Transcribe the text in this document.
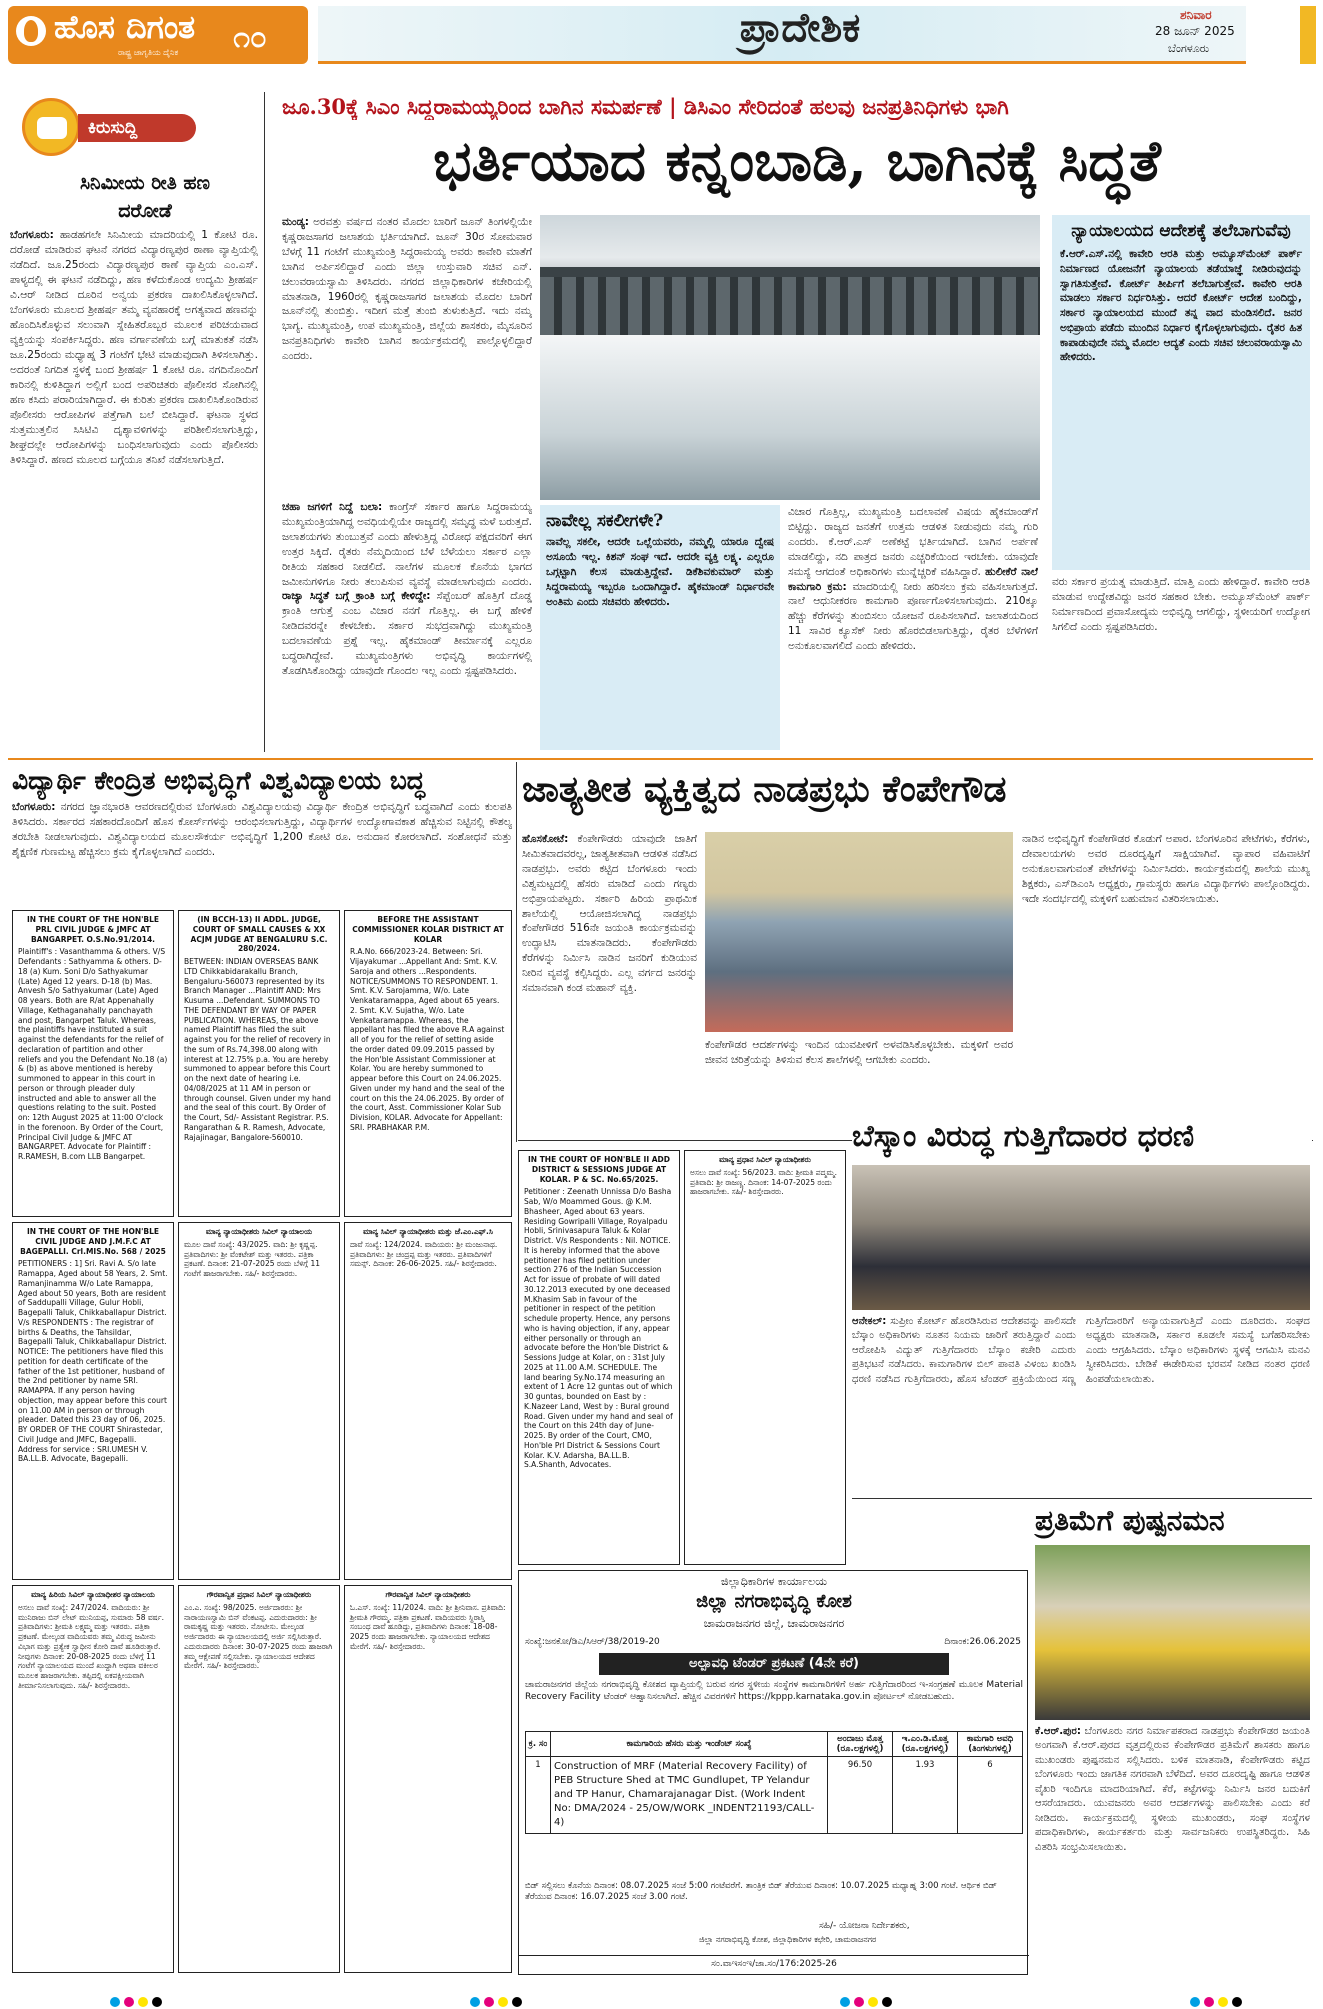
ಹೊಸ ದಿಗಂತ
ರಾಷ್ಟ್ರ ಜಾಗೃತಿಯ ದೈನಿಕ	೧೦	ಪ್ರಾದೇಶಿಕ	ಶನಿವಾರ
28 ಜೂನ್ 2025
ಬೆಂಗಳೂರು
ಕಿರುಸುದ್ದಿ
ಸಿನಿಮೀಯ ರೀತಿ ಹಣ ದರೋಡೆ
ಬೆಂಗಳೂರು: ಹಾಡಹಗಲೇ ಸಿನಿಮೀಯ ಮಾದರಿಯಲ್ಲಿ 1 ಕೋಟಿ ರೂ. ದರೋಡೆ ಮಾಡಿರುವ ಘಟನೆ ನಗರದ ವಿದ್ಯಾರಣ್ಯಪುರ ಠಾಣಾ ವ್ಯಾಪ್ತಿಯಲ್ಲಿ ನಡೆದಿದೆ. ಜೂ.25ರಂದು ವಿದ್ಯಾರಣ್ಯಪುರ ಠಾಣೆ ವ್ಯಾಪ್ತಿಯ ಎಂ.ಎಸ್. ಪಾಳ್ಯದಲ್ಲಿ ಈ ಘಟನೆ ನಡೆದಿದ್ದು, ಹಣ ಕಳೆದುಕೊಂಡ ಉದ್ಯಮಿ ಶ್ರೀಹರ್ಷ ವಿ.ಆರ್ ನೀಡಿದ ದೂರಿನ ಅನ್ವಯ ಪ್ರಕರಣ ದಾಖಲಿಸಿಕೊಳ್ಳಲಾಗಿದೆ. ಬೆಂಗಳೂರು ಮೂಲದ ಶ್ರೀಹರ್ಷ ತಮ್ಮ ವ್ಯವಹಾರಕ್ಕೆ ಅಗತ್ಯವಾದ ಹಣವನ್ನು ಹೊಂದಿಸಿಕೊಳ್ಳುವ ಸಲುವಾಗಿ ಸ್ನೇಹಿತರೊಬ್ಬರ ಮೂಲಕ ಪರಿಚಯವಾದ ವ್ಯಕ್ತಿಯನ್ನು ಸಂಪರ್ಕಿಸಿದ್ದರು. ಹಣ ವರ್ಗಾವಣೆಯ ಬಗ್ಗೆ ಮಾತುಕತೆ ನಡೆಸಿ ಜೂ.25ರಂದು ಮಧ್ಯಾಹ್ನ 3 ಗಂಟೆಗೆ ಭೇಟಿ ಮಾಡುವುದಾಗಿ ತಿಳಿಸಲಾಗಿತ್ತು. ಅದರಂತೆ ನಿಗದಿತ ಸ್ಥಳಕ್ಕೆ ಬಂದ ಶ್ರೀಹರ್ಷ 1 ಕೋಟಿ ರೂ. ನಗದಿನೊಂದಿಗೆ ಕಾರಿನಲ್ಲಿ ಕುಳಿತಿದ್ದಾಗ ಅಲ್ಲಿಗೆ ಬಂದ ಅಪರಿಚಿತರು ಪೊಲೀಸರ ಸೋಗಿನಲ್ಲಿ ಹಣ ಕಸಿದು ಪರಾರಿಯಾಗಿದ್ದಾರೆ. ಈ ಕುರಿತು ಪ್ರಕರಣ ದಾಖಲಿಸಿಕೊಂಡಿರುವ ಪೊಲೀಸರು ಆರೋಪಿಗಳ ಪತ್ತೆಗಾಗಿ ಬಲೆ ಬೀಸಿದ್ದಾರೆ. ಘಟನಾ ಸ್ಥಳದ ಸುತ್ತಮುತ್ತಲಿನ ಸಿಸಿಟಿವಿ ದೃಶ್ಯಾವಳಿಗಳನ್ನು ಪರಿಶೀಲಿಸಲಾಗುತ್ತಿದ್ದು, ಶೀಘ್ರದಲ್ಲೇ ಆರೋಪಿಗಳನ್ನು ಬಂಧಿಸಲಾಗುವುದು ಎಂದು ಪೊಲೀಸರು ತಿಳಿಸಿದ್ದಾರೆ. ಹಣದ ಮೂಲದ ಬಗ್ಗೆಯೂ ತನಿಖೆ ನಡೆಸಲಾಗುತ್ತಿದೆ.
ಜೂ.30ಕ್ಕೆ ಸಿಎಂ ಸಿದ್ದರಾಮಯ್ಯರಿಂದ ಬಾಗಿನ ಸಮರ್ಪಣೆ | ಡಿಸಿಎಂ ಸೇರಿದಂತೆ ಹಲವು ಜನಪ್ರತಿನಿಧಿಗಳು ಭಾಗಿ
ಭರ್ತಿಯಾದ ಕನ್ನಂಬಾಡಿ, ಬಾಗಿನಕ್ಕೆ ಸಿದ್ಧತೆ
ಮಂಡ್ಯ: ಅರವತ್ತು ವರ್ಷದ ನಂತರ ಮೊದಲ ಬಾರಿಗೆ ಜೂನ್ ತಿಂಗಳಲ್ಲಿಯೇ ಕೃಷ್ಣರಾಜಸಾಗರ ಜಲಾಶಯ ಭರ್ತಿಯಾಗಿದೆ. ಜೂನ್ 30ರ ಸೋಮವಾರ ಬೆಳಗ್ಗೆ 11 ಗಂಟೆಗೆ ಮುಖ್ಯಮಂತ್ರಿ ಸಿದ್ದರಾಮಯ್ಯ ಅವರು ಕಾವೇರಿ ಮಾತೆಗೆ ಬಾಗಿನ ಅರ್ಪಿಸಲಿದ್ದಾರೆ ಎಂದು ಜಿಲ್ಲಾ ಉಸ್ತುವಾರಿ ಸಚಿವ ಎನ್. ಚಲುವರಾಯಸ್ವಾಮಿ ತಿಳಿಸಿದರು. ನಗರದ ಜಿಲ್ಲಾಧಿಕಾರಿಗಳ ಕಚೇರಿಯಲ್ಲಿ ಮಾತನಾಡಿ, 1960ರಲ್ಲಿ ಕೃಷ್ಣರಾಜಸಾಗರ ಜಲಾಶಯ ಮೊದಲ ಬಾರಿಗೆ ಜೂನ್‌ನಲ್ಲಿ ತುಂಬಿತ್ತು. ಇದೀಗ ಮತ್ತೆ ತುಂಬಿ ತುಳುಕುತ್ತಿದೆ. ಇದು ನಮ್ಮ ಭಾಗ್ಯ. ಮುಖ್ಯಮಂತ್ರಿ, ಉಪ ಮುಖ್ಯಮಂತ್ರಿ, ಜಿಲ್ಲೆಯ ಶಾಸಕರು, ಮೈಸೂರಿನ ಜನಪ್ರತಿನಿಧಿಗಳು ಕಾವೇರಿ ಬಾಗಿನ ಕಾರ್ಯಕ್ರಮದಲ್ಲಿ ಪಾಲ್ಗೊಳ್ಳಲಿದ್ದಾರೆ ಎಂದರು.
ಚಹಾ ಜಗಳಿಗೆ ನಿದ್ದೆ ಬಲಾ: ಕಾಂಗ್ರೆಸ್ ಸರ್ಕಾರ ಹಾಗೂ ಸಿದ್ದರಾಮಯ್ಯ ಮುಖ್ಯಮಂತ್ರಿಯಾಗಿದ್ದ ಅವಧಿಯಲ್ಲಿಯೇ ರಾಜ್ಯದಲ್ಲಿ ಸಮೃದ್ಧ ಮಳೆ ಬರುತ್ತದೆ. ಜಲಾಶಯಗಳು ತುಂಬುತ್ತವೆ ಎಂದು ಹೇಳುತ್ತಿದ್ದ ವಿರೋಧ ಪಕ್ಷದವರಿಗೆ ಈಗ ಉತ್ತರ ಸಿಕ್ಕಿದೆ. ರೈತರು ನೆಮ್ಮದಿಯಿಂದ ಬೆಳೆ ಬೆಳೆಯಲು ಸರ್ಕಾರ ಎಲ್ಲಾ ರೀತಿಯ ಸಹಕಾರ ನೀಡಲಿದೆ. ನಾಲೆಗಳ ಮೂಲಕ ಕೊನೆಯ ಭಾಗದ ಜಮೀನುಗಳಿಗೂ ನೀರು ತಲುಪಿಸುವ ವ್ಯವಸ್ಥೆ ಮಾಡಲಾಗುವುದು ಎಂದರು. ರಾಜ್ಯಾ ಸಿದ್ಧತೆ ಬಗ್ಗೆ ಕ್ರಾಂತಿ ಬಗ್ಗೆ ಕೇಳಿದ್ದೇ: ಸೆಪ್ಟೆಂಬರ್ ಹೊತ್ತಿಗೆ ದೊಡ್ಡ ಕ್ರಾಂತಿ ಆಗುತ್ತೆ ಎಂಬ ವಿಚಾರ ನನಗೆ ಗೊತ್ತಿಲ್ಲ. ಈ ಬಗ್ಗೆ ಹೇಳಿಕೆ ನೀಡಿದವರನ್ನೇ ಕೇಳಬೇಕು. ಸರ್ಕಾರ ಸುಭದ್ರವಾಗಿದ್ದು ಮುಖ್ಯಮಂತ್ರಿ ಬದಲಾವಣೆಯ ಪ್ರಶ್ನೆ ಇಲ್ಲ. ಹೈಕಮಾಂಡ್ ತೀರ್ಮಾನಕ್ಕೆ ಎಲ್ಲರೂ ಬದ್ಧರಾಗಿದ್ದೇವೆ. ಮುಖ್ಯಮಂತ್ರಿಗಳು ಅಭಿವೃದ್ಧಿ ಕಾರ್ಯಗಳಲ್ಲಿ ತೊಡಗಿಸಿಕೊಂಡಿದ್ದು ಯಾವುದೇ ಗೊಂದಲ ಇಲ್ಲ ಎಂದು ಸ್ಪಷ್ಟಪಡಿಸಿದರು.
ನಾವೇಲ್ಲ ಸಕಲೀಗಳೇ?
ನಾವೆಲ್ಲ ಸಕಲೀ, ಆದರೇ ಒಲ್ಲೆಯವರು, ನಮ್ಮಲ್ಲಿ ಯಾರೂ ದ್ವೇಷ ಅಸೂಯೆ ಇಲ್ಲ. ಕಿಶನ್ ಸಂಘ ಇದೆ. ಆದರೇ ವ್ಯಕ್ತಿ ಲಕ್ಷ್ಯ. ಎಲ್ಲರೂ ಒಗ್ಗಟ್ಟಾಗಿ ಕೆಲಸ ಮಾಡುತ್ತಿದ್ದೇವೆ. ಡಿಕೆಶಿವಕುಮಾರ್ ಮತ್ತು ಸಿದ್ದರಾಮಯ್ಯ ಇಬ್ಬರೂ ಒಂದಾಗಿದ್ದಾರೆ. ಹೈಕಮಾಂಡ್ ನಿರ್ಧಾರವೇ ಅಂತಿಮ ಎಂದು ಸಚಿವರು ಹೇಳಿದರು.
ವಿಚಾರ ಗೊತ್ತಿಲ್ಲ, ಮುಖ್ಯಮಂತ್ರಿ ಬದಲಾವಣೆ ವಿಷಯ ಹೈಕಮಾಂಡ್‌ಗೆ ಬಿಟ್ಟಿದ್ದು. ರಾಜ್ಯದ ಜನತೆಗೆ ಉತ್ತಮ ಆಡಳಿತ ನೀಡುವುದು ನಮ್ಮ ಗುರಿ ಎಂದರು. ಕೆ.ಆರ್.ಎಸ್ ಅಣೆಕಟ್ಟೆ ಭರ್ತಿಯಾಗಿದೆ. ಬಾಗಿನ ಅರ್ಪಣೆ ಮಾಡಲಿದ್ದು, ನದಿ ಪಾತ್ರದ ಜನರು ಎಚ್ಚರಿಕೆಯಿಂದ ಇರಬೇಕು. ಯಾವುದೇ ಸಮಸ್ಯೆ ಆಗದಂತೆ ಅಧಿಕಾರಿಗಳು ಮುನ್ನೆಚ್ಚರಿಕೆ ವಹಿಸಿದ್ದಾರೆ. ಹುಲೀಕೆರೆ ನಾಲೆ ಕಾಮಗಾರಿ ಕ್ರಮ: ಮಾದರಿಯಲ್ಲಿ ನೀರು ಹರಿಸಲು ಕ್ರಮ ವಹಿಸಲಾಗುತ್ತದೆ. ನಾಲೆ ಆಧುನೀಕರಣ ಕಾಮಗಾರಿ ಪೂರ್ಣಗೊಳಿಸಲಾಗುವುದು. 210ಕ್ಕೂ ಹೆಚ್ಚು ಕೆರೆಗಳನ್ನು ತುಂಬಿಸಲು ಯೋಜನೆ ರೂಪಿಸಲಾಗಿದೆ. ಜಲಾಶಯದಿಂದ 11 ಸಾವಿರ ಕ್ಯೂಸೆಕ್ ನೀರು ಹೊರಬಿಡಲಾಗುತ್ತಿದ್ದು, ರೈತರ ಬೆಳೆಗಳಿಗೆ ಅನುಕೂಲವಾಗಲಿದೆ ಎಂದು ಹೇಳಿದರು.
ನ್ಯಾಯಾಲಯದ ಆದೇಶಕ್ಕೆ ತಲೆಬಾಗುವೆವು
ಕೆ.ಆರ್.ಎಸ್.ನಲ್ಲಿ ಕಾವೇರಿ ಆರತಿ ಮತ್ತು ಅಮ್ಯೂಸ್‌ಮೆಂಟ್ ಪಾರ್ಕ್ ನಿರ್ಮಾಣದ ಯೋಜನೆಗೆ ನ್ಯಾಯಾಲಯ ತಡೆಯಾಜ್ಞೆ ನೀಡಿರುವುದನ್ನು ಸ್ವಾಗತಿಸುತ್ತೇವೆ. ಕೋರ್ಟ್ ತೀರ್ಪಿಗೆ ತಲೆಬಾಗುತ್ತೇವೆ. ಕಾವೇರಿ ಆರತಿ ಮಾಡಲು ಸರ್ಕಾರ ನಿರ್ಧರಿಸಿತ್ತು. ಆದರೆ ಕೋರ್ಟ್ ಆದೇಶ ಬಂದಿದ್ದು, ಸರ್ಕಾರ ನ್ಯಾಯಾಲಯದ ಮುಂದೆ ತನ್ನ ವಾದ ಮಂಡಿಸಲಿದೆ. ಜನರ ಅಭಿಪ್ರಾಯ ಪಡೆದು ಮುಂದಿನ ನಿರ್ಧಾರ ಕೈಗೊಳ್ಳಲಾಗುವುದು. ರೈತರ ಹಿತ ಕಾಪಾಡುವುದೇ ನಮ್ಮ ಮೊದಲ ಆದ್ಯತೆ ಎಂದು ಸಚಿವ ಚಲುವರಾಯಸ್ವಾಮಿ ಹೇಳಿದರು.
ವರು ಸರ್ಕಾರ ಪ್ರಯತ್ನ ಮಾಡುತ್ತಿದೆ. ಮಾತ್ತಿ ಎಂದು ಹೇಳಿದ್ದಾರೆ. ಕಾವೇರಿ ಆರತಿ ಮಾಡುವ ಉದ್ದೇಶವಿದ್ದು ಜನರ ಸಹಕಾರ ಬೇಕು. ಅಮ್ಯೂಸ್‌ಮೆಂಟ್ ಪಾರ್ಕ್ ನಿರ್ಮಾಣದಿಂದ ಪ್ರವಾಸೋದ್ಯಮ ಅಭಿವೃದ್ಧಿ ಆಗಲಿದ್ದು, ಸ್ಥಳೀಯರಿಗೆ ಉದ್ಯೋಗ ಸಿಗಲಿದೆ ಎಂದು ಸ್ಪಷ್ಟಪಡಿಸಿದರು.
ವಿದ್ಯಾರ್ಥಿ ಕೇಂದ್ರಿತ ಅಭಿವೃದ್ಧಿಗೆ ವಿಶ್ವವಿದ್ಯಾಲಯ ಬದ್ಧ
ಬೆಂಗಳೂರು: ನಗರದ ಜ್ಞಾನಭಾರತಿ ಆವರಣದಲ್ಲಿರುವ ಬೆಂಗಳೂರು ವಿಶ್ವವಿದ್ಯಾಲಯವು ವಿದ್ಯಾರ್ಥಿ ಕೇಂದ್ರಿತ ಅಭಿವೃದ್ಧಿಗೆ ಬದ್ಧವಾಗಿದೆ ಎಂದು ಕುಲಪತಿ ತಿಳಿಸಿದರು. ಸರ್ಕಾರದ ಸಹಕಾರದೊಂದಿಗೆ ಹೊಸ ಕೋರ್ಸ್‌ಗಳನ್ನು ಆರಂಭಿಸಲಾಗುತ್ತಿದ್ದು, ವಿದ್ಯಾರ್ಥಿಗಳ ಉದ್ಯೋಗಾವಕಾಶ ಹೆಚ್ಚಿಸುವ ನಿಟ್ಟಿನಲ್ಲಿ ಕೌಶಲ್ಯ ತರಬೇತಿ ನೀಡಲಾಗುವುದು. ವಿಶ್ವವಿದ್ಯಾಲಯದ ಮೂಲಸೌಕರ್ಯ ಅಭಿವೃದ್ಧಿಗೆ 1,200 ಕೋಟಿ ರೂ. ಅನುದಾನ ಕೋರಲಾಗಿದೆ. ಸಂಶೋಧನೆ ಮತ್ತು ಶೈಕ್ಷಣಿಕ ಗುಣಮಟ್ಟ ಹೆಚ್ಚಿಸಲು ಕ್ರಮ ಕೈಗೊಳ್ಳಲಾಗಿದೆ ಎಂದರು.

IN THE COURT OF THE HON'BLE PRL CIVIL JUDGE & JMFC AT BANGARPET. O.S.No.91/2014.

Plaintiff's : Vasanthamma & others. V/S Defendants : Sathyamma & others. D-18 (a) Kum. Soni D/o Sathyakumar (Late) Aged 12 years. D-18 (b) Mas. Anvesh S/o Sathyakumar (Late) Aged 08 years. Both are R/at Appenahally Village, Kethaganahally panchayath and post, Bangarpet Taluk. Whereas, the plaintiffs have instituted a suit against the defendants for the relief of declaration of partition and other reliefs and you the Defendant No.18 (a) & (b) as above mentioned is hereby summoned to appear in this court in person or through pleader duly instructed and able to answer all the questions relating to the suit. Posted on: 12th August 2025 at 11:00 O'clock in the forenoon. By Order of the Court, Principal Civil Judge & JMFC AT BANGARPET. Advocate for Plaintiff : R.RAMESH, B.com LLB Bangarpet.

(IN BCCH-13) II ADDL. JUDGE, COURT OF SMALL CAUSES & XX ACJM JUDGE AT BENGALURU S.C. 280/2024.

BETWEEN: INDIAN OVERSEAS BANK LTD Chikkabidarakallu Branch, Bengaluru-560073 represented by its Branch Manager ...Plaintiff AND: Mrs Kusuma ...Defendant. SUMMONS TO THE DEFENDANT BY WAY OF PAPER PUBLICATION. WHEREAS, the above named Plaintiff has filed the suit against you for the relief of recovery in the sum of Rs.74,398.00 along with interest at 12.75% p.a. You are hereby summoned to appear before this Court on the next date of hearing i.e. 04/08/2025 at 11 AM in person or through counsel. Given under my hand and the seal of this court. By Order of the Court, Sd/- Assistant Registrar. P.S. Rangarathan & R. Ramesh, Advocate, Rajajinagar, Bangalore-560010.

BEFORE THE ASSISTANT COMMISSIONER KOLAR DISTRICT AT KOLAR

R.A.No. 666/2023-24. Between: Sri. Vijayakumar ...Appellant And: Smt. K.V. Saroja and others ...Respondents. NOTICE/SUMMONS TO RESPONDENT. 1. Smt. K.V. Sarojamma, W/o. Late Venkataramappa, Aged about 65 years. 2. Smt. K.V. Sujatha, W/o. Late Venkataramappa. Whereas, the appellant has filed the above R.A against all of you for the relief of setting aside the order dated 09.09.2015 passed by the Hon'ble Assistant Commissioner at Kolar. You are hereby summoned to appear before this Court on 24.06.2025. Given under my hand and the seal of the court on this the 24.06.2025. By order of the court, Asst. Commissioner Kolar Sub Division, KOLAR. Advocate for Appellant: SRI. PRABHAKAR P.M.

IN THE COURT OF THE HON'BLE CIVIL JUDGE AND J.M.F.C AT BAGEPALLI. Crl.MIS.No. 568 / 2025

PETITIONERS : 1] Sri. Ravi A. S/o late Ramappa, Aged about 58 Years, 2. Smt. Ramanjinamma W/o Late Ramappa, Aged about 50 years, Both are resident of Saddupalli Village, Gulur Hobli, Bagepalli Taluk, Chikkaballapur District. V/s RESPONDENTS : The registrar of births & Deaths, the Tahsildar, Bagepalli Taluk, Chikkaballapur District. NOTICE: The petitioners have filed this petition for death certificate of the father of the 1st petitioner, husband of the 2nd petitioner by name SRI. RAMAPPA. If any person having objection, may appear before this court on 11.00 AM in person or through pleader. Dated this 23 day of 06, 2025. BY ORDER OF THE COURT Shirastedar, Civil Judge and JMFC, Bagepalli. Address for service : SRI.UMESH V. BA.LL.B. Advocate, Bagepalli.

ಮಾನ್ಯ ನ್ಯಾಯಾಧೀಶರು ಸಿವಿಲ್ ನ್ಯಾಯಾಲಯ

ಮೂಲ ದಾವೆ ಸಂಖ್ಯೆ: 43/2025. ವಾದಿ: ಶ್ರೀ ಕೃಷ್ಣಪ್ಪ. ಪ್ರತಿವಾದಿಗಳು: ಶ್ರೀ ವೆಂಕಟೇಶ್ ಮತ್ತು ಇತರರು. ಪತ್ರಿಕಾ ಪ್ರಕಟಣೆ. ದಿನಾಂಕ: 21-07-2025 ರಂದು ಬೆಳಿಗ್ಗೆ 11 ಗಂಟೆಗೆ ಹಾಜರಾಗಬೇಕು. ಸಹಿ/- ಶಿರಸ್ತೇದಾರರು.

ಮಾನ್ಯ ಸಿವಿಲ್ ನ್ಯಾಯಾಧೀಶರು ಮತ್ತು ಜೆ.ಎಂ.ಎಫ್.ಸಿ

ದಾವೆ ಸಂಖ್ಯೆ: 124/2024. ವಾದಿಯರು: ಶ್ರೀ ಮಂಜುನಾಥ. ಪ್ರತಿವಾದಿಗಳು: ಶ್ರೀ ಚಂದ್ರಪ್ಪ ಮತ್ತು ಇತರರು. ಪ್ರತಿವಾದಿಗಳಿಗೆ ಸಮನ್ಸ್. ದಿನಾಂಕ: 26-06-2025. ಸಹಿ/- ಶಿರಸ್ತೇದಾರರು.

ಮಾನ್ಯ ಹಿರಿಯ ಸಿವಿಲ್ ನ್ಯಾಯಾಧೀಶರ ನ್ಯಾಯಾಲಯ

ಅಸಲು ದಾವೆ ಸಂಖ್ಯೆ: 247/2024. ವಾದಿಯರು: ಶ್ರೀ ಮುನಿರಾಜು ಬಿನ್ ಲೇಟ್ ಮುನಿಯಪ್ಪ, ಸುಮಾರು 58 ವರ್ಷ. ಪ್ರತಿವಾದಿಗಳು: ಶ್ರೀಮತಿ ಲಕ್ಷ್ಮಮ್ಮ ಮತ್ತು ಇತರರು. ಪತ್ರಿಕಾ ಪ್ರಕಟಣೆ. ಮೇಲ್ಕಂಡ ವಾದಿಯವರು ತಮ್ಮ ವಿರುದ್ಧ ಜಮೀನು ವಿಭಾಗ ಮತ್ತು ಪ್ರತ್ಯೇಕ ಸ್ವಾಧೀನ ಕೋರಿ ದಾವೆ ಹೂಡಿರುತ್ತಾರೆ. ನೀವುಗಳು ದಿನಾಂಕ: 20-08-2025 ರಂದು ಬೆಳಿಗ್ಗೆ 11 ಗಂಟೆಗೆ ನ್ಯಾಯಾಲಯದ ಮುಂದೆ ಖುದ್ದಾಗಿ ಅಥವಾ ವಕೀಲರ ಮೂಲಕ ಹಾಜರಾಗಬೇಕು. ತಪ್ಪಿದಲ್ಲಿ ಏಕಪಕ್ಷೀಯವಾಗಿ ತೀರ್ಮಾನಿಸಲಾಗುವುದು. ಸಹಿ/- ಶಿರಸ್ತೇದಾರರು.

ಗೌರವಾನ್ವಿತ ಪ್ರಧಾನ ಸಿವಿಲ್ ನ್ಯಾಯಾಧೀಶರು

ಎಂ.ಎ. ಸಂಖ್ಯೆ: 98/2025. ಅರ್ಜಿದಾರರು: ಶ್ರೀ ನಾರಾಯಣಸ್ವಾಮಿ ಬಿನ್ ವೆಂಕಟಪ್ಪ. ಎದುರುದಾರರು: ಶ್ರೀ ರಾಮಕೃಷ್ಣ ಮತ್ತು ಇತರರು. ನೋಟೀಸು. ಮೇಲ್ಕಂಡ ಅರ್ಜಿದಾರರು ಈ ನ್ಯಾಯಾಲಯದಲ್ಲಿ ಅರ್ಜಿ ಸಲ್ಲಿಸಿರುತ್ತಾರೆ. ಎದುರುದಾರರು ದಿನಾಂಕ: 30-07-2025 ರಂದು ಹಾಜರಾಗಿ ತಮ್ಮ ಆಕ್ಷೇಪಣೆ ಸಲ್ಲಿಸಬೇಕು. ನ್ಯಾಯಾಲಯದ ಆದೇಶದ ಮೇರೆಗೆ. ಸಹಿ/- ಶಿರಸ್ತೇದಾರರು.

ಗೌರವಾನ್ವಿತ ಸಿವಿಲ್ ನ್ಯಾಯಾಧೀಶರು

ಓ.ಎಸ್. ಸಂಖ್ಯೆ: 11/2024. ವಾದಿ: ಶ್ರೀ ಶ್ರೀನಿವಾಸ. ಪ್ರತಿವಾದಿ: ಶ್ರೀಮತಿ ಗೌರಮ್ಮ. ಪತ್ರಿಕಾ ಪ್ರಕಟಣೆ. ವಾದಿಯವರು ಸ್ಥಿರಾಸ್ತಿ ಸಂಬಂಧ ದಾವೆ ಹೂಡಿದ್ದು, ಪ್ರತಿವಾದಿಗಳು ದಿನಾಂಕ: 18-08-2025 ರಂದು ಹಾಜರಾಗಬೇಕು. ನ್ಯಾಯಾಲಯದ ಆದೇಶದ ಮೇರೆಗೆ. ಸಹಿ/- ಶಿರಸ್ತೇದಾರರು.

IN THE COURT OF HON'BLE II ADD DISTRICT & SESSIONS JUDGE AT KOLAR. P & SC. No.65/2025.

Petitioner : Zeenath Unnissa D/o Basha Sab, W/o Moammed Gous. @ K.M. Bhasheer, Aged about 63 years. Residing Gowripalli Village, Royalpadu Hobli, Srinivasapura Taluk & Kolar District. V/s Respondents : Nil. NOTICE. It is hereby informed that the above petitioner has filed petition under section 276 of the Indian Succession Act for issue of probate of will dated 30.12.2013 executed by one deceased M.Khasim Sab in favour of the petitioner in respect of the petition schedule property. Hence, any persons who is having objection, if any, appear either personally or through an advocate before the Hon'ble District & Sessions Judge at Kolar, on : 31st July 2025 at 11.00 A.M. SCHEDULE. The land bearing Sy.No.174 measuring an extent of 1 Acre 12 guntas out of which 30 guntas, bounded on East by : K.Nazeer Land, West by : Bural ground Road. Given under my hand and seal of the Court on this 24th day of June-2025. By order of the Court, CMO, Hon'ble Prl District & Sessions Court Kolar. K.V. Adarsha, BA.LL.B. S.A.Shanth, Advocates.

ಮಾನ್ಯ ಪ್ರಧಾನ ಸಿವಿಲ್ ನ್ಯಾಯಾಧೀಶರು

ಅಸಲು ದಾವೆ ಸಂಖ್ಯೆ: 56/2023. ವಾದಿ: ಶ್ರೀಮತಿ ಪದ್ಮಮ್ಮ. ಪ್ರತಿವಾದಿ: ಶ್ರೀ ರಾಜಣ್ಣ. ದಿನಾಂಕ: 14-07-2025 ರಂದು ಹಾಜರಾಗಬೇಕು. ಸಹಿ/- ಶಿರಸ್ತೇದಾರರು.

ಜಾತ್ಯತೀತ ವ್ಯಕ್ತಿತ್ವದ ನಾಡಪ್ರಭು ಕೆಂಪೇಗೌಡ
ಹೊಸಕೋಟೆ: ಕೆಂಪೇಗೌಡರು ಯಾವುದೇ ಜಾತಿಗೆ ಸೀಮಿತವಾದವರಲ್ಲ, ಜಾತ್ಯತೀತವಾಗಿ ಆಡಳಿತ ನಡೆಸಿದ ನಾಡಪ್ರಭು. ಅವರು ಕಟ್ಟಿದ ಬೆಂಗಳೂರು ಇಂದು ವಿಶ್ವಮಟ್ಟದಲ್ಲಿ ಹೆಸರು ಮಾಡಿದೆ ಎಂದು ಗಣ್ಯರು ಅಭಿಪ್ರಾಯಪಟ್ಟರು. ಸರ್ಕಾರಿ ಹಿರಿಯ ಪ್ರಾಥಮಿಕ ಶಾಲೆಯಲ್ಲಿ ಆಯೋಜಿಸಲಾಗಿದ್ದ ನಾಡಪ್ರಭು ಕೆಂಪೇಗೌಡರ 516ನೇ ಜಯಂತಿ ಕಾರ್ಯಕ್ರಮವನ್ನು ಉದ್ಘಾಟಿಸಿ ಮಾತನಾಡಿದರು. ಕೆಂಪೇಗೌಡರು ಕೆರೆಗಳನ್ನು ನಿರ್ಮಿಸಿ ನಾಡಿನ ಜನರಿಗೆ ಕುಡಿಯುವ ನೀರಿನ ವ್ಯವಸ್ಥೆ ಕಲ್ಪಿಸಿದ್ದರು. ಎಲ್ಲ ವರ್ಗದ ಜನರನ್ನು ಸಮಾನವಾಗಿ ಕಂಡ ಮಹಾನ್ ವ್ಯಕ್ತಿ.
ಕೆಂಪೇಗೌಡರ ಆದರ್ಶಗಳನ್ನು ಇಂದಿನ ಯುವಪೀಳಿಗೆ ಅಳವಡಿಸಿಕೊಳ್ಳಬೇಕು. ಮಕ್ಕಳಿಗೆ ಅವರ ಜೀವನ ಚರಿತ್ರೆಯನ್ನು ತಿಳಿಸುವ ಕೆಲಸ ಶಾಲೆಗಳಲ್ಲಿ ಆಗಬೇಕು ಎಂದರು.
ನಾಡಿನ ಅಭಿವೃದ್ಧಿಗೆ ಕೆಂಪೇಗೌಡರ ಕೊಡುಗೆ ಅಪಾರ. ಬೆಂಗಳೂರಿನ ಪೇಟೆಗಳು, ಕೆರೆಗಳು, ದೇವಾಲಯಗಳು ಅವರ ದೂರದೃಷ್ಟಿಗೆ ಸಾಕ್ಷಿಯಾಗಿವೆ. ವ್ಯಾಪಾರ ವಹಿವಾಟಿಗೆ ಅನುಕೂಲವಾಗುವಂತೆ ಪೇಟೆಗಳನ್ನು ನಿರ್ಮಿಸಿದರು. ಕಾರ್ಯಕ್ರಮದಲ್ಲಿ ಶಾಲೆಯ ಮುಖ್ಯ ಶಿಕ್ಷಕರು, ಎಸ್‌ಡಿಎಂಸಿ ಅಧ್ಯಕ್ಷರು, ಗ್ರಾಮಸ್ಥರು ಹಾಗೂ ವಿದ್ಯಾರ್ಥಿಗಳು ಪಾಲ್ಗೊಂಡಿದ್ದರು. ಇದೇ ಸಂದರ್ಭದಲ್ಲಿ ಮಕ್ಕಳಿಗೆ ಬಹುಮಾನ ವಿತರಿಸಲಾಯಿತು.
ಬೆಸ್ಕಾಂ ವಿರುದ್ಧ ಗುತ್ತಿಗೆದಾರರ ಧರಣಿ
ಆನೇಕಲ್: ಸುಪ್ರೀಂ ಕೋರ್ಟ್ ಹೊರಡಿಸಿರುವ ಆದೇಶವನ್ನು ಪಾಲಿಸದೇ ಬೆಸ್ಕಾಂ ಅಧಿಕಾರಿಗಳು ನೂತನ ನಿಯಮ ಜಾರಿಗೆ ತರುತ್ತಿದ್ದಾರೆ ಎಂದು ಆರೋಪಿಸಿ ವಿದ್ಯುತ್ ಗುತ್ತಿಗೆದಾರರು ಬೆಸ್ಕಾಂ ಕಚೇರಿ ಎದುರು ಪ್ರತಿಭಟನೆ ನಡೆಸಿದರು. ಕಾಮಗಾರಿಗಳ ಬಿಲ್ ಪಾವತಿ ವಿಳಂಬ ಖಂಡಿಸಿ ಧರಣಿ ನಡೆಸಿದ ಗುತ್ತಿಗೆದಾರರು, ಹೊಸ ಟೆಂಡರ್ ಪ್ರಕ್ರಿಯೆಯಿಂದ ಸಣ್ಣ ಗುತ್ತಿಗೆದಾರರಿಗೆ ಅನ್ಯಾಯವಾಗುತ್ತಿದೆ ಎಂದು ದೂರಿದರು. ಸಂಘದ ಅಧ್ಯಕ್ಷರು ಮಾತನಾಡಿ, ಸರ್ಕಾರ ಕೂಡಲೇ ಸಮಸ್ಯೆ ಬಗೆಹರಿಸಬೇಕು ಎಂದು ಆಗ್ರಹಿಸಿದರು. ಬೆಸ್ಕಾಂ ಅಧಿಕಾರಿಗಳು ಸ್ಥಳಕ್ಕೆ ಆಗಮಿಸಿ ಮನವಿ ಸ್ವೀಕರಿಸಿದರು. ಬೇಡಿಕೆ ಈಡೇರಿಸುವ ಭರವಸೆ ನೀಡಿದ ನಂತರ ಧರಣಿ ಹಿಂಪಡೆಯಲಾಯಿತು.
ಪ್ರತಿಮೆಗೆ ಪುಷ್ಪನಮನ
ಕೆ.ಆರ್.ಪುರ: ಬೆಂಗಳೂರು ನಗರ ನಿರ್ಮಾಪಕರಾದ ನಾಡಪ್ರಭು ಕೆಂಪೇಗೌಡರ ಜಯಂತಿ ಅಂಗವಾಗಿ ಕೆ.ಆರ್.ಪುರದ ವೃತ್ತದಲ್ಲಿರುವ ಕೆಂಪೇಗೌಡರ ಪ್ರತಿಮೆಗೆ ಶಾಸಕರು ಹಾಗೂ ಮುಖಂಡರು ಪುಷ್ಪನಮನ ಸಲ್ಲಿಸಿದರು. ಬಳಿಕ ಮಾತನಾಡಿ, ಕೆಂಪೇಗೌಡರು ಕಟ್ಟಿದ ಬೆಂಗಳೂರು ಇಂದು ಜಾಗತಿಕ ನಗರವಾಗಿ ಬೆಳೆದಿದೆ. ಅವರ ದೂರದೃಷ್ಟಿ ಹಾಗೂ ಆಡಳಿತ ವೈಖರಿ ಇಂದಿಗೂ ಮಾದರಿಯಾಗಿದೆ. ಕೆರೆ, ಕಟ್ಟೆಗಳನ್ನು ನಿರ್ಮಿಸಿ ಜನರ ಬದುಕಿಗೆ ಆಸರೆಯಾದರು. ಯುವಜನರು ಅವರ ಆದರ್ಶಗಳನ್ನು ಪಾಲಿಸಬೇಕು ಎಂದು ಕರೆ ನೀಡಿದರು. ಕಾರ್ಯಕ್ರಮದಲ್ಲಿ ಸ್ಥಳೀಯ ಮುಖಂಡರು, ಸಂಘ ಸಂಸ್ಥೆಗಳ ಪದಾಧಿಕಾರಿಗಳು, ಕಾರ್ಯಕರ್ತರು ಮತ್ತು ಸಾರ್ವಜನಿಕರು ಉಪಸ್ಥಿತರಿದ್ದರು. ಸಿಹಿ ವಿತರಿಸಿ ಸಂಭ್ರಮಿಸಲಾಯಿತು.
ಜಿಲ್ಲಾಧಿಕಾರಿಗಳ ಕಾರ್ಯಾಲಯ
ಜಿಲ್ಲಾ ನಗರಾಭಿವೃದ್ಧಿ ಕೋಶ
ಚಾಮರಾಜನಗರ ಜಿಲ್ಲೆ, ಚಾಮರಾಜನಗರ
ಸಂಖ್ಯೆ:ಜನಕೋ/ಡಿಎ/ಸಿಆರ್/38/2019-20	ದಿನಾಂಕ:26.06.2025
ಅಲ್ಪಾವಧಿ ಟೆಂಡರ್ ಪ್ರಕಟಣೆ (4ನೇ ಕರೆ)
ಚಾಮರಾಜನಗರ ಜಿಲ್ಲೆಯ ನಗರಾಭಿವೃದ್ಧಿ ಕೋಶದ ವ್ಯಾಪ್ತಿಯಲ್ಲಿ ಬರುವ ನಗರ ಸ್ಥಳೀಯ ಸಂಸ್ಥೆಗಳ ಕಾಮಗಾರಿಗಳಿಗೆ ಅರ್ಹ ಗುತ್ತಿಗೆದಾರರಿಂದ ಇ-ಸಂಗ್ರಹಣೆ ಮೂಲಕ Material Recovery Facility ಟೆಂಡರ್ ಆಹ್ವಾನಿಸಲಾಗಿದೆ. ಹೆಚ್ಚಿನ ವಿವರಗಳಿಗೆ https://kppp.karnataka.gov.in ಪೋರ್ಟಲ್ ನೋಡಬಹುದು.
ಕ್ರ. ಸಂ	ಕಾಮಗಾರಿಯ ಹೆಸರು ಮತ್ತು ಇಂಡೆಂಟ್ ಸಂಖ್ಯೆ	ಅಂದಾಜು ಮೊತ್ತ (ರೂ.ಲಕ್ಷಗಳಲ್ಲಿ)	ಇ.ಎಂ.ಡಿ.ಮೊತ್ತ (ರೂ.ಲಕ್ಷಗಳಲ್ಲಿ)	ಕಾಮಗಾರಿ ಅವಧಿ (ತಿಂಗಳುಗಳಲ್ಲಿ)
1	Construction of MRF (Material Recovery Facility) of PEB Structure Shed at TMC Gundlupet, TP Yelandur and TP Hanur, Chamarajanagar Dist. (Work Indent No: DMA/2024 - 25/OW/WORK _INDENT21193/CALL-4)	96.50	1.93	6
ಬಿಡ್ ಸಲ್ಲಿಸಲು ಕೊನೆಯ ದಿನಾಂಕ: 08.07.2025 ಸಂಜೆ 5:00 ಗಂಟೆವರೆಗೆ. ತಾಂತ್ರಿಕ ಬಿಡ್ ತೆರೆಯುವ ದಿನಾಂಕ: 10.07.2025 ಮಧ್ಯಾಹ್ನ 3:00 ಗಂಟೆ. ಆರ್ಥಿಕ ಬಿಡ್ ತೆರೆಯುವ ದಿನಾಂಕ: 16.07.2025 ಸಂಜೆ 3.00 ಗಂಟೆ.
ಸಹಿ/- ಯೋಜನಾ ನಿರ್ದೇಶಕರು,
ಜಿಲ್ಲಾ ನಗರಾಭಿವೃದ್ಧಿ ಕೋಶ, ಜಿಲ್ಲಾಧಿಕಾರಿಗಳ ಕಛೇರಿ, ಚಾಮರಾಜನಗರ
ಸಂ.ವಾಇಸಂಇ/ಜಾ.ಸಂ/176:2025-26
